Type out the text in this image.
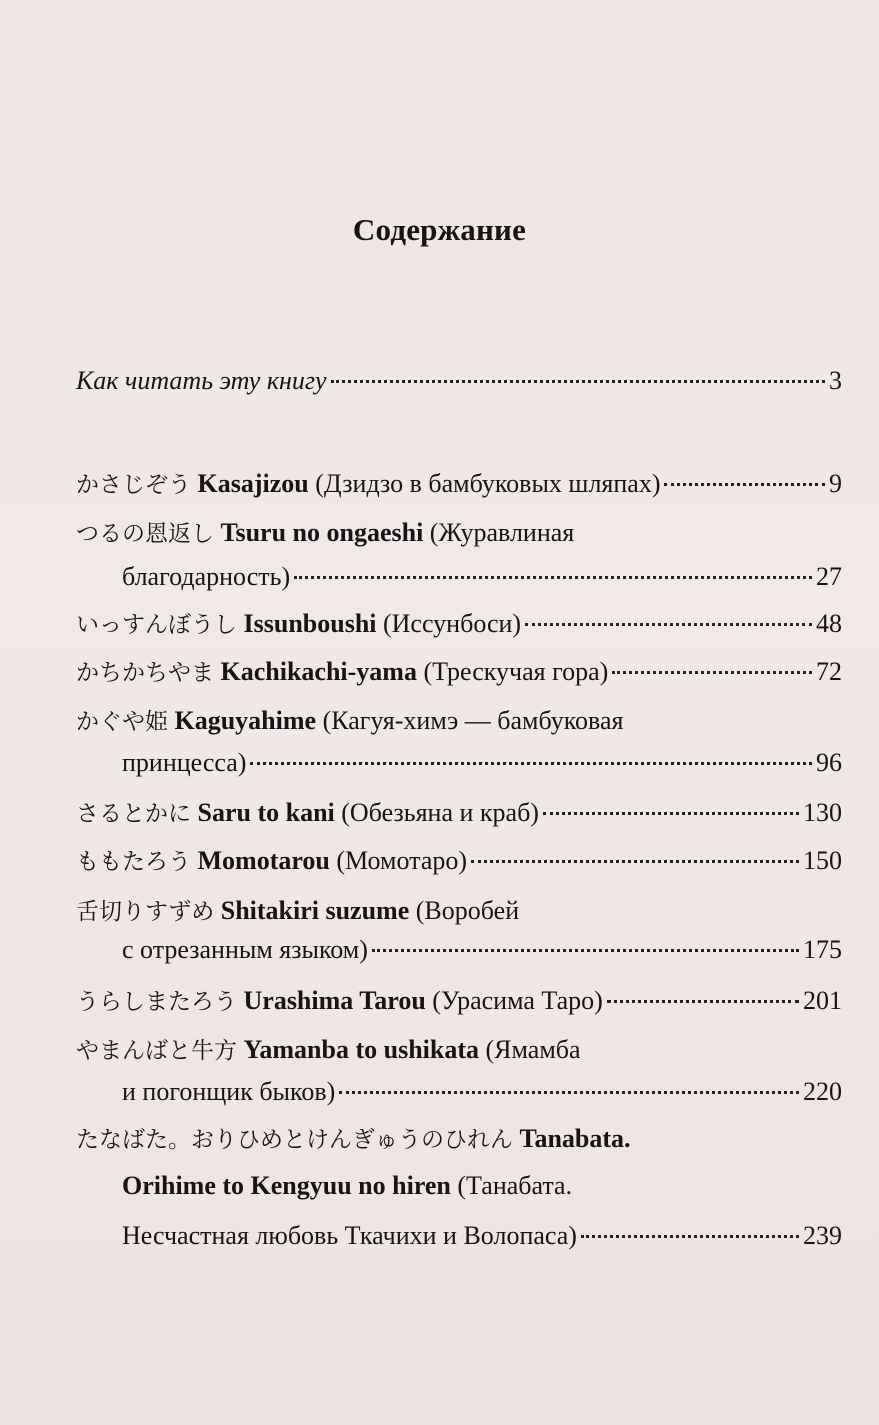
Содержание
Как читать эту книгу	3
かさじぞう Kasajizou (Дзидзо в бамбуковых шляпах)	9
つるの恩返し Tsuru no ongaeshi (Журавлиная
благодарность)	27
いっすんぼうし Issunboushi (Иссунбоси)	48
かちかちやま Kachikachi-yama (Трескучая гора)	72
かぐや姫 Kaguyahime (Кагуя-химэ — бамбуковая
принцесса)	96
さるとかに Saru to kani (Обезьяна и краб)	130
ももたろう Momotarou (Момотаро)	150
舌切りすずめ Shitakiri suzume (Воробей
с отрезанным языком)	175
うらしまたろう Urashima Tarou (Урасима Таро)	201
やまんばと牛方 Yamanba to ushikata (Ямамба
и погонщик быков)	220
たなばた。おりひめとけんぎゅうのひれん Tanabata.
Orihime to Kengyuu no hiren (Танабата.
Несчастная любовь Ткачихи и Волопаса)	239
